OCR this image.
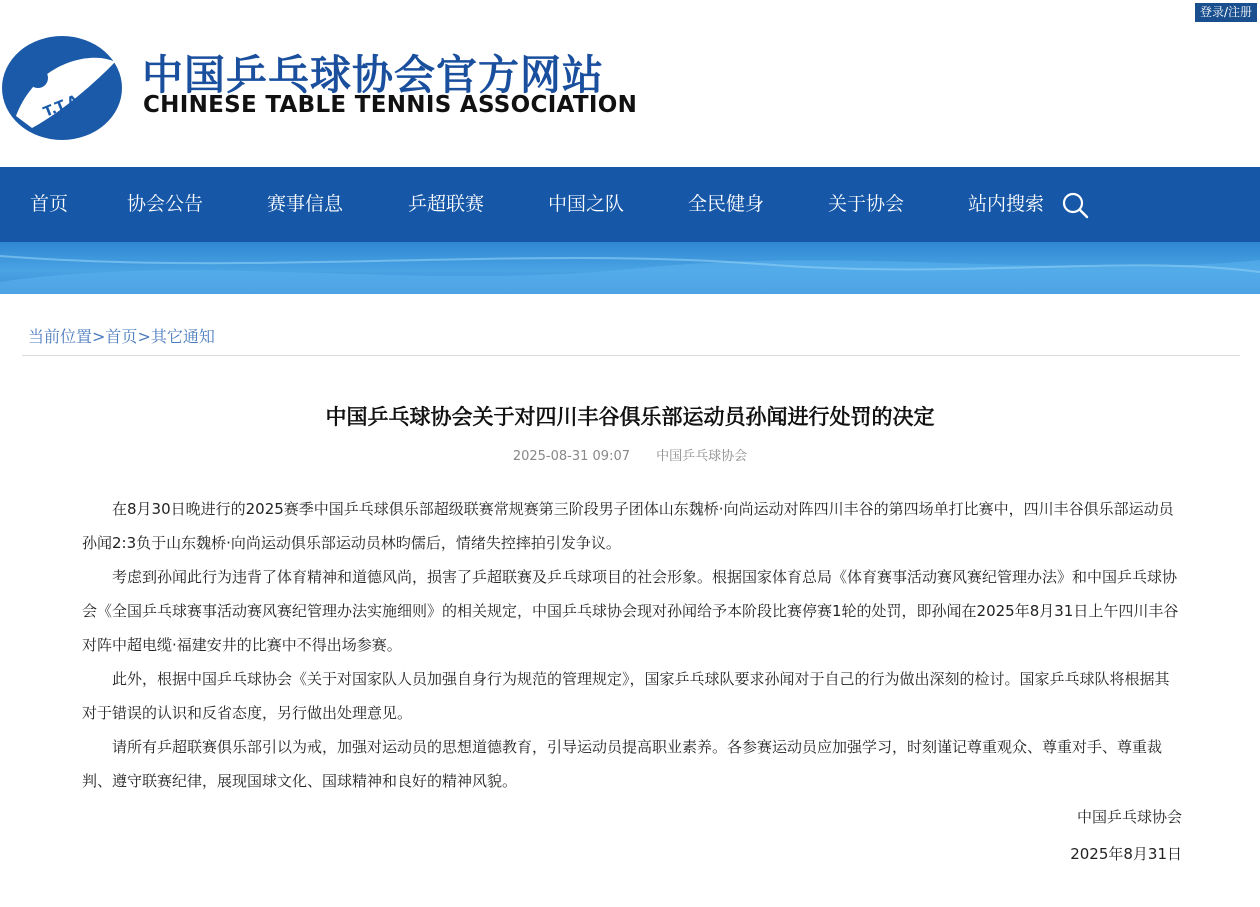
登录/注册
T.T.A.
中国乒乓球协会官方网站
CHINESE TABLE TENNIS ASSOCIATION
首页	协会公告	赛事信息	乒超联赛	中国之队	全民健身	关于协会	站内搜索
当前位置>首页>其它通知
中国乒乓球协会关于对四川丰谷俱乐部运动员孙闻进行处罚的决定
2025-08-31 09:07 中国乒乓球协会

在8月30日晚进行的2025赛季中国乒乓球俱乐部超级联赛常规赛第三阶段男子团体山东魏桥·向尚运动对阵四川丰谷的第四场单打比赛中，四川丰谷俱乐部运动员孙闻2:3负于山东魏桥·向尚运动俱乐部运动员林昀儒后，情绪失控摔拍引发争议。

考虑到孙闻此行为违背了体育精神和道德风尚，损害了乒超联赛及乒乓球项目的社会形象。根据国家体育总局《体育赛事活动赛风赛纪管理办法》和中国乒乓球协会《全国乒乓球赛事活动赛风赛纪管理办法实施细则》的相关规定，中国乒乓球协会现对孙闻给予本阶段比赛停赛1轮的处罚，即孙闻在2025年8月31日上午四川丰谷对阵中超电缆·福建安井的比赛中不得出场参赛。

此外，根据中国乒乓球协会《关于对国家队人员加强自身行为规范的管理规定》，国家乒乓球队要求孙闻对于自己的行为做出深刻的检讨。国家乒乓球队将根据其对于错误的认识和反省态度，另行做出处理意见。

请所有乒超联赛俱乐部引以为戒，加强对运动员的思想道德教育，引导运动员提高职业素养。各参赛运动员应加强学习，时刻谨记尊重观众、尊重对手、尊重裁判、遵守联赛纪律，展现国球文化、国球精神和良好的精神风貌。

中国乒乓球协会
2025年8月31日
